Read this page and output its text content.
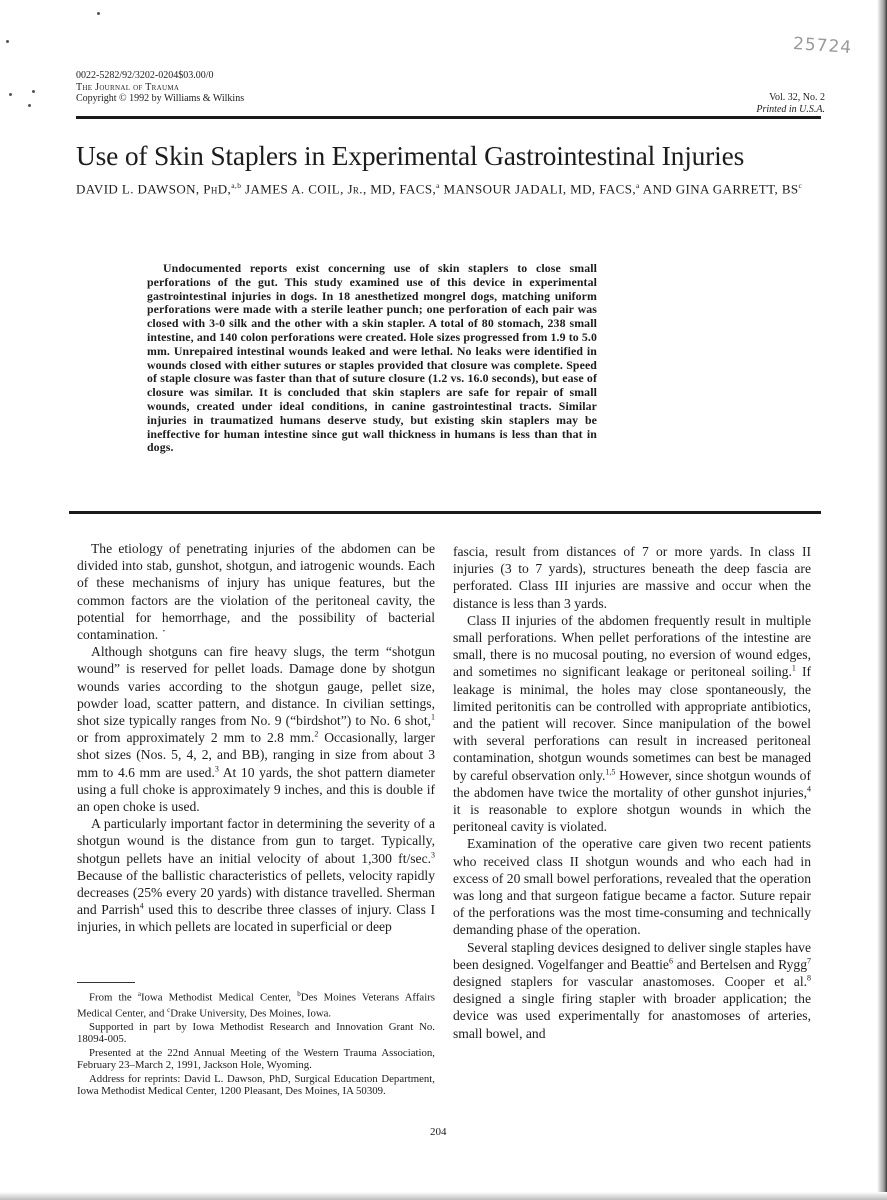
25724
0022-5282/92/3202-0204$03.00/0
The Journal of Trauma
Copyright © 1992 by Williams & Wilkins	Vol. 32, No. 2
Printed in U.S.A.
Use of Skin Staplers in Experimental Gastrointestinal Injuries
DAVID L. DAWSON, PhD,$^{a,b}$ JAMES A. COIL, Jr., MD, FACS,$^a$ MANSOUR JADALI, MD, FACS,$^a$ AND GINA GARRETT, $BS^c$

Undocumented reports exist concerning use of skin staplers to close small perforations of the gut. This study examined use of this device in experimental gastrointestinal injuries in dogs. In 18 anesthetized mongrel dogs, matching uniform perforations were made with a sterile leather punch; one perforation of each pair was closed with 3-0 silk and the other with a skin stapler. A total of 80 stomach, 238 small intestine, and 140 colon perforations were created. Hole sizes progressed from 1.9 to 5.0 mm. Unrepaired intestinal wounds leaked and were lethal. No leaks were identified in wounds closed with either sutures or staples provided that closure was complete. Speed of staple closure was faster than that of suture closure (1.2 vs. 16.0 seconds), but ease of closure was similar. It is concluded that skin staplers are safe for repair of small wounds, created under ideal conditions, in canine gastrointestinal tracts. Similar injuries in traumatized humans deserve study, but existing skin staplers may be ineffective for human intestine since gut wall thickness in humans is less than that in dogs.

The etiology of penetrating injuries of the abdomen can be divided into stab, gunshot, shotgun, and iatrogenic wounds. Each of these mechanisms of injury has unique features, but the common factors are the violation of the peritoneal cavity, the potential for hemorrhage, and the possibility of bacterial contamination. ˙

Although shotguns can fire heavy slugs, the term “shotgun wound” is reserved for pellet loads. Damage done by shotgun wounds varies according to the shotgun gauge, pellet size, powder load, scatter pattern, and distance. In civilian settings, shot size typically ranges from No. 9 (“birdshot”) to No. 6 shot,$^1$ or from approximately 2 mm to 2.8 mm.$^2$ Occasionally, larger shot sizes (Nos. 5, 4, 2, and BB), ranging in size from about 3 mm to 4.6 mm are used.$^3$ At 10 yards, the shot pattern diameter using a full choke is approximately 9 inches, and this is double if an open choke is used.

A particularly important factor in determining the severity of a shotgun wound is the distance from gun to target. Typically, shotgun pellets have an initial velocity of about 1,300 ft/sec.$^3$ Because of the ballistic characteristics of pellets, velocity rapidly decreases (25% every 20 yards) with distance travelled. Sherman and Parrish$^4$ used this to describe three classes of injury. Class I injuries, in which pellets are located in superficial or deep

fascia, result from distances of 7 or more yards. In class II injuries (3 to 7 yards), structures beneath the deep fascia are perforated. Class III injuries are massive and occur when the distance is less than 3 yards.

Class II injuries of the abdomen frequently result in multiple small perforations. When pellet perforations of the intestine are small, there is no mucosal pouting, no eversion of wound edges, and sometimes no significant leakage or peritoneal soiling.$^1$ If leakage is minimal, the holes may close spontaneously, the limited peritonitis can be controlled with appropriate antibiotics, and the patient will recover. Since manipulation of the bowel with several perforations can result in increased peritoneal contamination, shotgun wounds sometimes can best be managed by careful observation only.$^{1,5}$ However, since shotgun wounds of the abdomen have twice the mortality of other gunshot injuries,$^4$ it is reasonable to explore shotgun wounds in which the peritoneal cavity is violated.

Examination of the operative care given two recent patients who received class II shotgun wounds and who each had in excess of 20 small bowel perforations, revealed that the operation was long and that surgeon fatigue became a factor. Suture repair of the perforations was the most time-consuming and technically demanding phase of the operation.

Several stapling devices designed to deliver single staples have been designed. Vogelfanger and Beattie$^6$ and Bertelsen and Rygg$^7$ designed staplers for vascular anastomoses. Cooper et al.$^8$ designed a single firing stapler with broader application; the device was used experimentally for anastomoses of arteries, small bowel, and

From the $^a$Iowa Methodist Medical Center, $^b$Des Moines Veterans Affairs Medical Center, and $^c$Drake University, Des Moines, Iowa.

Supported in part by Iowa Methodist Research and Innovation Grant No. 18094-005.

Presented at the 22nd Annual Meeting of the Western Trauma Association, February 23–March 2, 1991, Jackson Hole, Wyoming.

Address for reprints: David L. Dawson, PhD, Surgical Education Department, Iowa Methodist Medical Center, 1200 Pleasant, Des Moines, IA 50309.

204
